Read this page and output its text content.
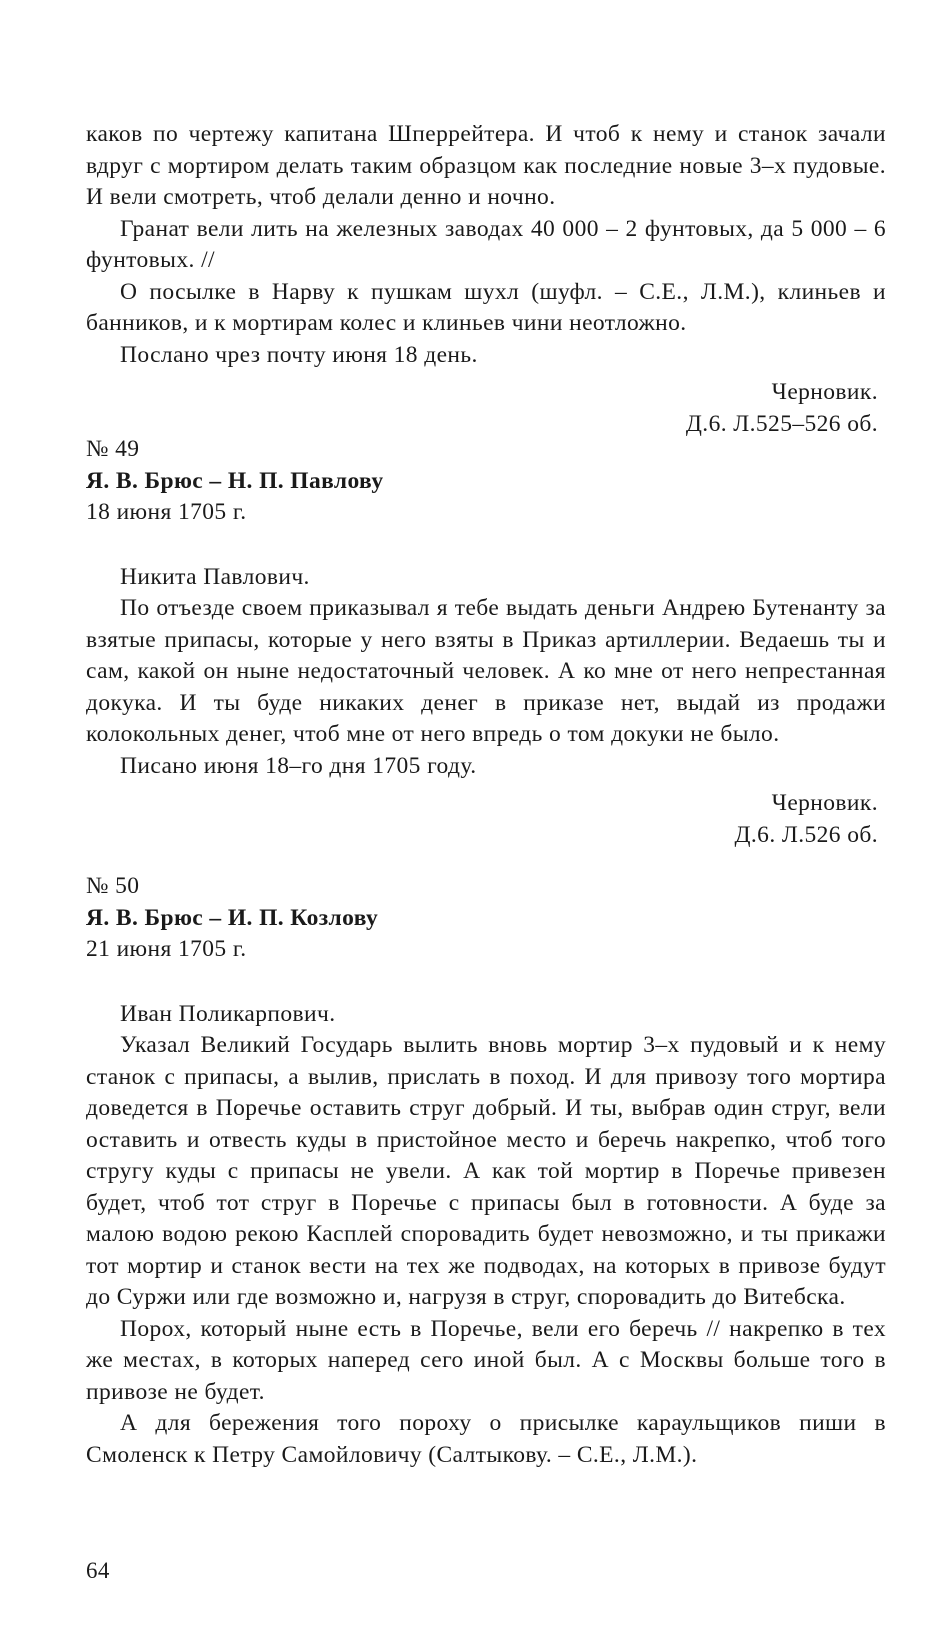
каков по чертежу капитана Шперрейтера. И чтоб к нему и станок зачали вдруг с мортиром делать таким образцом как последние новые 3–х пудовые. И вели смотреть, чтоб делали денно и ночно.

Гранат вели лить на железных заводах 40 000 – 2 фунтовых, да 5 000 – 6 фунтовых. //

О посылке в Нарву к пушкам шухл (шуфл. – С.Е., Л.М.), клиньев и банников, и к мортирам колес и клиньев чини неотложно.

Послано чрез почту июня 18 день.

Черновик.

Д.6. Л.525–526 об.

№ 49

Я. В. Брюс – Н. П. Павлову

18 июня 1705 г.

Никита Павлович.

По отъезде своем приказывал я тебе выдать деньги Андрею Бутенанту за взятые припасы, которые у него взяты в Приказ артиллерии. Ведаешь ты и сам, какой он ныне недостаточный человек. А ко мне от него непрестанная докука. И ты буде никаких денег в приказе нет, выдай из продажи колокольных денег, чтоб мне от него впредь о том докуки не было.

Писано июня 18–го дня 1705 году.

Черновик.

Д.6. Л.526 об.

№ 50

Я. В. Брюс – И. П. Козлову

21 июня 1705 г.

Иван Поликарпович.

Указал Великий Государь вылить вновь мортир 3–х пудовый и к нему станок с припасы, а вылив, прислать в поход. И для привозу того мортира доведется в Поречье оставить струг добрый. И ты, выбрав один струг, вели оставить и отвесть куды в пристойное место и беречь накрепко, чтоб того стругу куды с припасы не увели. А как той мортир в Поречье привезен будет, чтоб тот струг в Поречье с припасы был в готовности. А буде за малою водою рекою Касплей споровадить будет невозможно, и ты прикажи тот мортир и станок вести на тех же подводах, на которых в привозе будут до Суржи или где возможно и, нагрузя в струг, споровадить до Витебска.

Порох, который ныне есть в Поречье, вели его беречь // накрепко в тех же местах, в которых наперед сего иной был. А с Москвы больше того в привозе не будет.

А для бережения того пороху о присылке караульщиков пиши в Смоленск к Петру Самойловичу (Салтыкову. – С.Е., Л.М.).

64
